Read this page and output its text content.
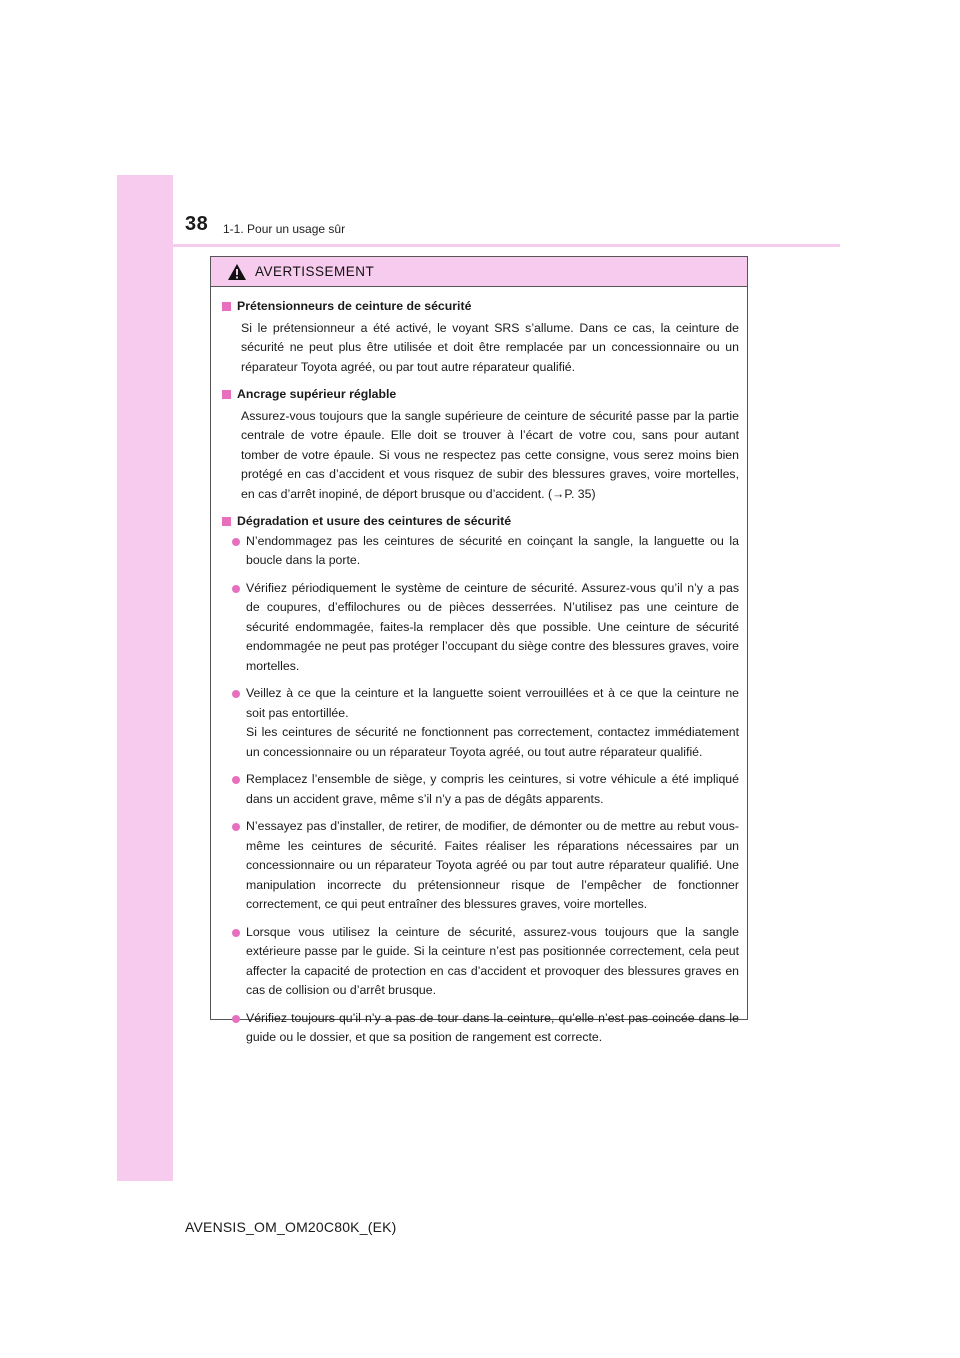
38 1-1. Pour un usage sûr
AVERTISSEMENT
Prétensionneurs de ceinture de sécurité
Si le prétensionneur a été activé, le voyant SRS s’allume. Dans ce cas, la ceinture de sécurité ne peut plus être utilisée et doit être remplacée par un concessionnaire ou un réparateur Toyota agréé, ou par tout autre réparateur qualifié.
Ancrage supérieur réglable
Assurez-vous toujours que la sangle supérieure de ceinture de sécurité passe par la partie centrale de votre épaule. Elle doit se trouver à l’écart de votre cou, sans pour autant tomber de votre épaule. Si vous ne respectez pas cette consigne, vous serez moins bien protégé en cas d’accident et vous risquez de subir des blessures graves, voire mortelles, en cas d’arrêt inopiné, de déport brusque ou d’accident. (→P. 35)
Dégradation et usure des ceintures de sécurité
N’endommagez pas les ceintures de sécurité en coinçant la sangle, la languette ou la boucle dans la porte.
Vérifiez périodiquement le système de ceinture de sécurité. Assurez-vous qu’il n’y a pas de coupures, d’effilochures ou de pièces desserrées. N’utilisez pas une ceinture de sécurité endommagée, faites-la remplacer dès que possible. Une ceinture de sécurité endommagée ne peut pas protéger l’occupant du siège contre des blessures graves, voire mortelles.
Veillez à ce que la ceinture et la languette soient verrouillées et à ce que la ceinture ne soit pas entortillée.
Si les ceintures de sécurité ne fonctionnent pas correctement, contactez immédiatement un concessionnaire ou un réparateur Toyota agréé, ou tout autre réparateur qualifié.
Remplacez l’ensemble de siège, y compris les ceintures, si votre véhicule a été impliqué dans un accident grave, même s’il n’y a pas de dégâts apparents.
N’essayez pas d’installer, de retirer, de modifier, de démonter ou de mettre au rebut vous-même les ceintures de sécurité. Faites réaliser les réparations nécessaires par un concessionnaire ou un réparateur Toyota agréé ou par tout autre réparateur qualifié. Une manipulation incorrecte du prétensionneur risque de l’empêcher de fonctionner correctement, ce qui peut entraîner des blessures graves, voire mortelles.
Lorsque vous utilisez la ceinture de sécurité, assurez-vous toujours que la sangle extérieure passe par le guide. Si la ceinture n’est pas positionnée correctement, cela peut affecter la capacité de protection en cas d’accident et provoquer des blessures graves en cas de collision ou d’arrêt brusque.
Vérifiez toujours qu’il n’y a pas de tour dans la ceinture, qu’elle n’est pas coincée dans le guide ou le dossier, et que sa position de rangement est correcte.
AVENSIS_OM_OM20C80K_(EK)
